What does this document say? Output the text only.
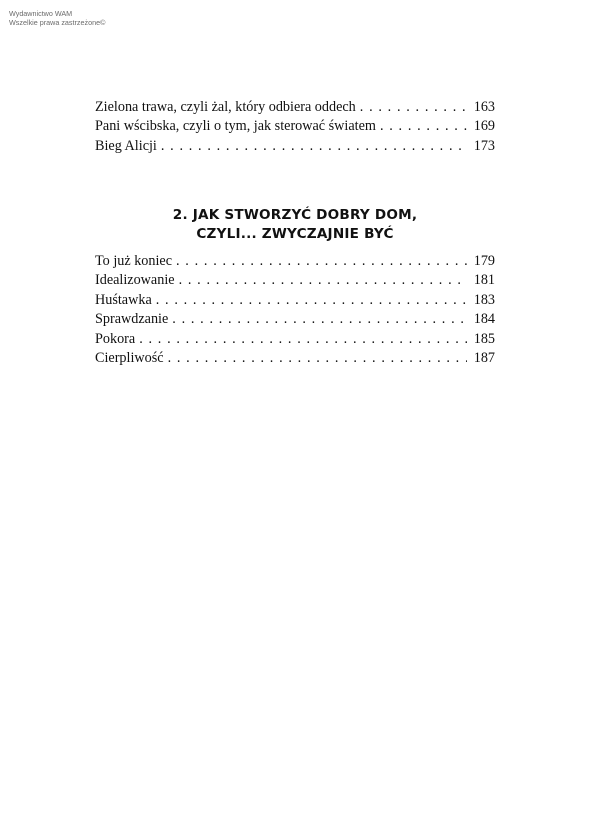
Wydawnictwo WAM
Wszelkie prawa zastrzeżone©
Zielona trawa, czyli żal, który odbiera oddech . . .	163
Pani wścibska, czyli o tym, jak sterować światem . . .	169
Bieg Alicji . . .	173
2. JAK STWORZYĆ DOBRY DOM,
CZYLI... ZWYCZAJNIE BYĆ
To już koniec . . .	179
Idealizowanie . . .	181
Huśtawka . . .	183
Sprawdzanie . . .	184
Pokora . . .	185
Cierpliwość . . .	187
